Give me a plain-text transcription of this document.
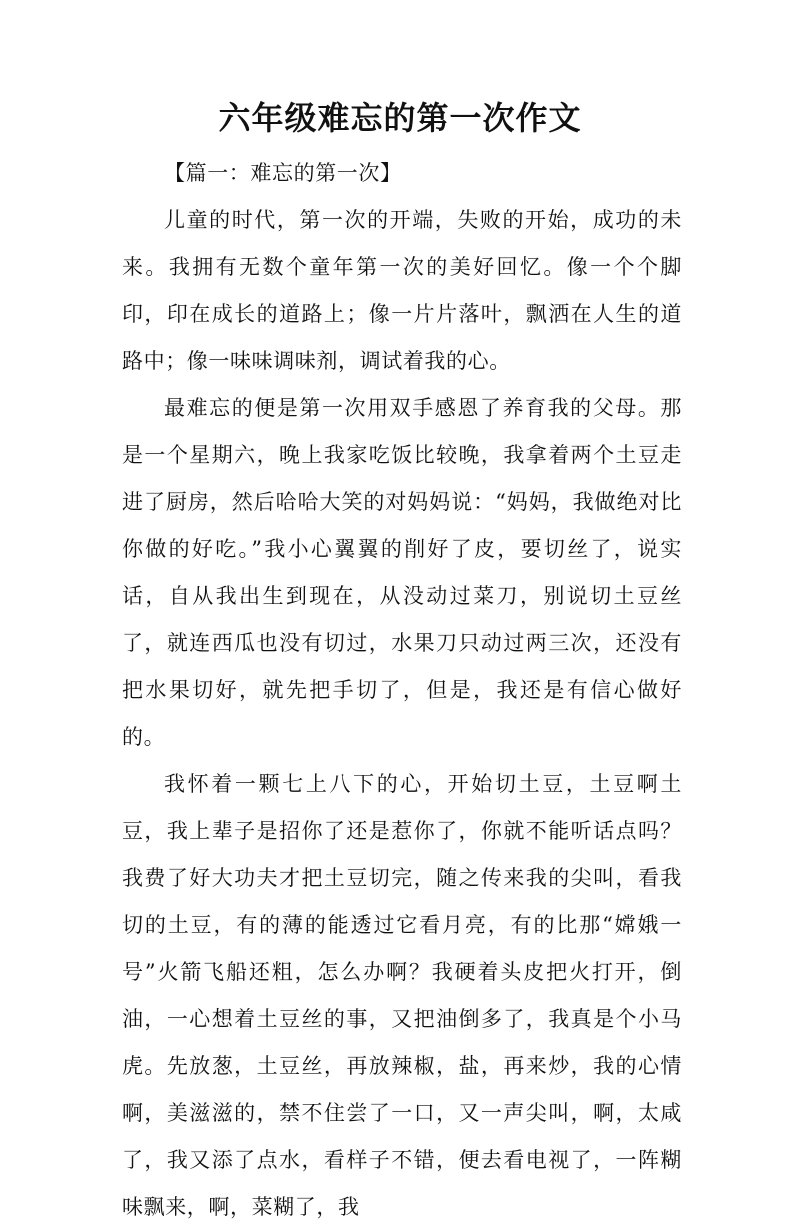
六年级难忘的第一次作文

【篇一：难忘的第一次】

儿童的时代，第一次的开端，失败的开始，成功的未来。我拥有无数个童年第一次的美好回忆。像一个个脚印，印在成长的道路上；像一片片落叶，飘洒在人生的道路中；像一味味调味剂，调试着我的心。

最难忘的便是第一次用双手感恩了养育我的父母。那是一个星期六，晚上我家吃饭比较晚，我拿着两个土豆走进了厨房，然后哈哈大笑的对妈妈说：“妈妈，我做绝对比你做的好吃。”我小心翼翼的削好了皮，要切丝了，说实话，自从我出生到现在，从没动过菜刀，别说切土豆丝了，就连西瓜也没有切过，水果刀只动过两三次，还没有把水果切好，就先把手切了，但是，我还是有信心做好的。

我怀着一颗七上八下的心，开始切土豆，土豆啊土豆，我上辈子是招你了还是惹你了，你就不能听话点吗？我费了好大功夫才把土豆切完，随之传来我的尖叫，看我切的土豆，有的薄的能透过它看月亮，有的比那“嫦娥一号”火箭飞船还粗，怎么办啊？我硬着头皮把火打开，倒油，一心想着土豆丝的事，又把油倒多了，我真是个小马虎。先放葱，土豆丝，再放辣椒，盐，再来炒，我的心情啊，美滋滋的，禁不住尝了一口，又一声尖叫，啊，太咸了，我又添了点水，看样子不错，便去看电视了，一阵糊味飘来，啊，菜糊了，我
